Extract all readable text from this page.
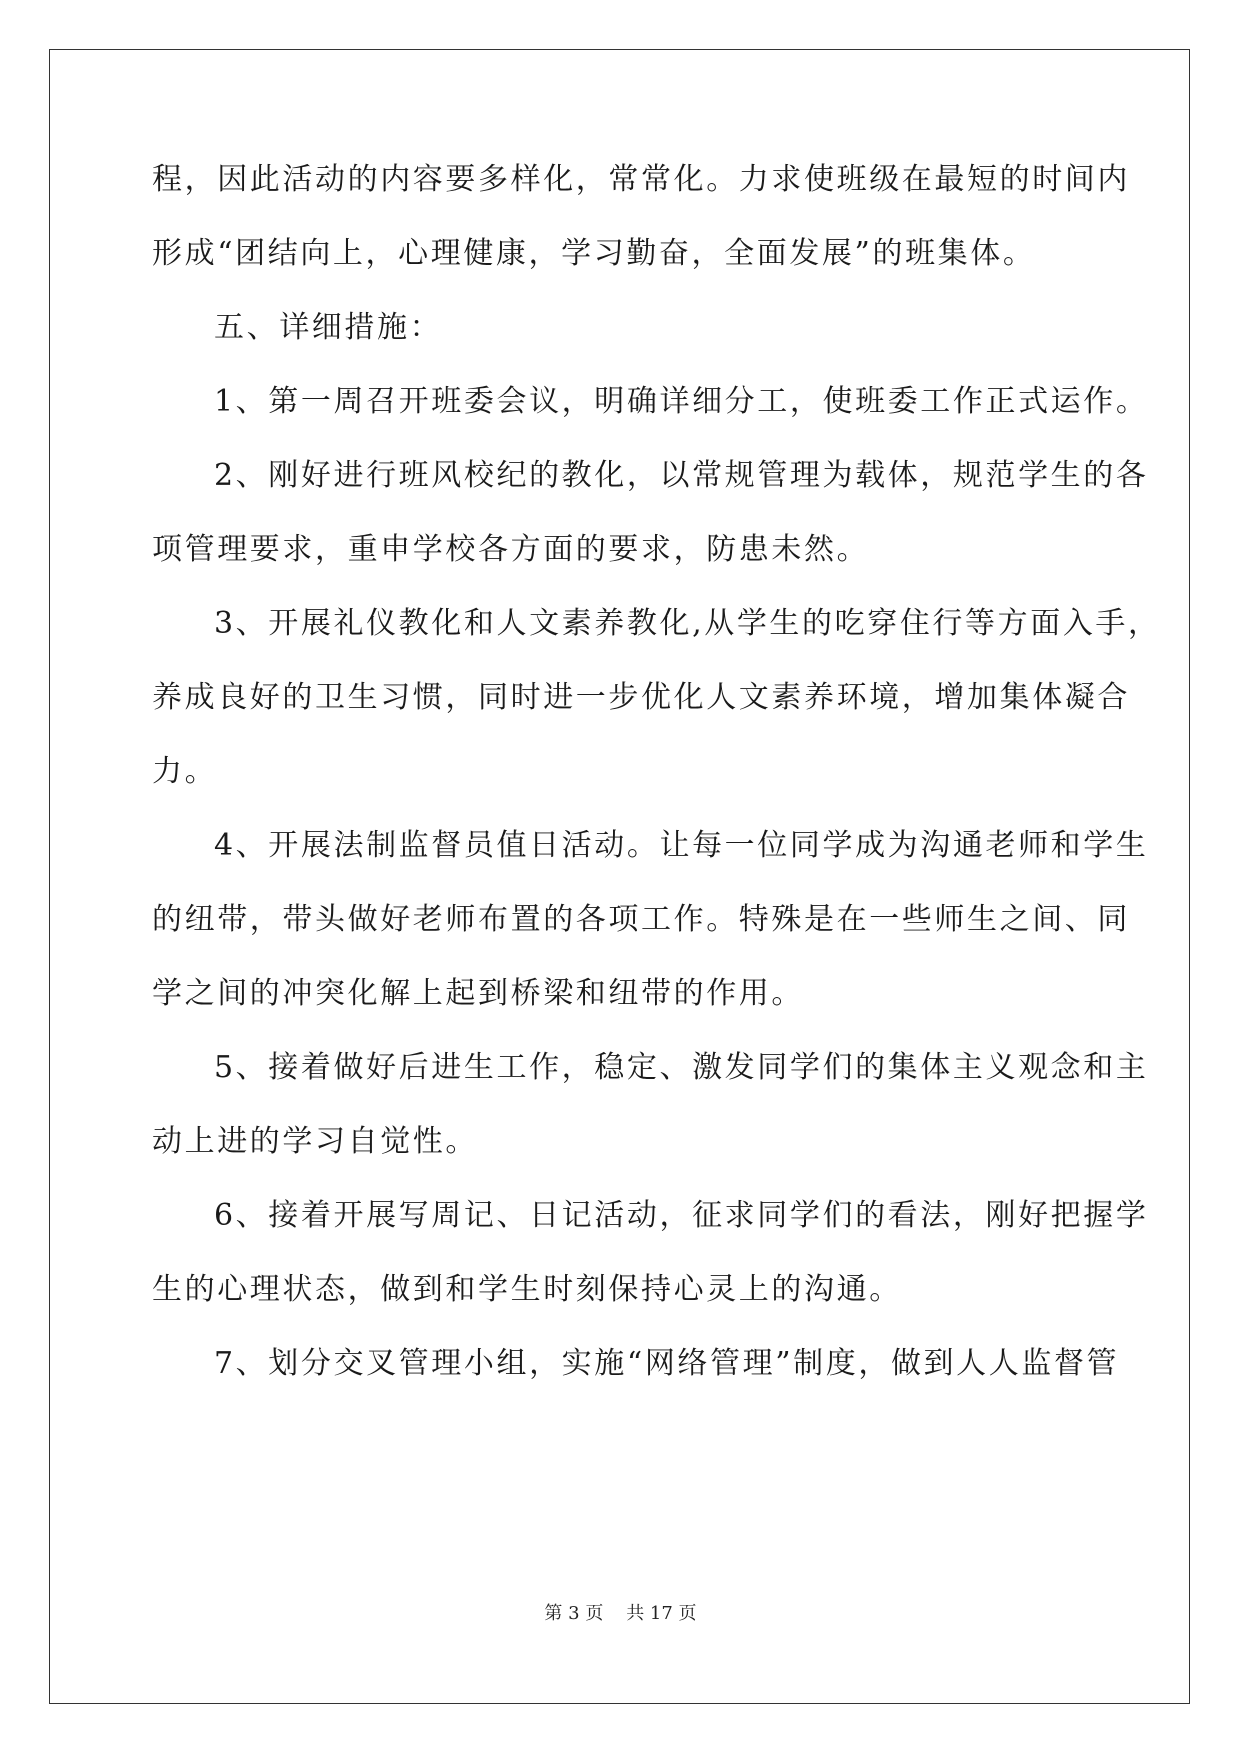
程，因此活动的内容要多样化，常常化。力求使班级在最短的时间内
形成“团结向上，心理健康，学习勤奋，全面发展”的班集体。
五、详细措施：
1、第一周召开班委会议，明确详细分工，使班委工作正式运作。
2、刚好进行班风校纪的教化，以常规管理为载体，规范学生的各
项管理要求，重申学校各方面的要求，防患未然。
3、开展礼仪教化和人文素养教化,从学生的吃穿住行等方面入手，
养成良好的卫生习惯，同时进一步优化人文素养环境，增加集体凝合
力。
4、开展法制监督员值日活动。让每一位同学成为沟通老师和学生
的纽带，带头做好老师布置的各项工作。特殊是在一些师生之间、同
学之间的冲突化解上起到桥梁和纽带的作用。
5、接着做好后进生工作，稳定、激发同学们的集体主义观念和主
动上进的学习自觉性。
6、接着开展写周记、日记活动，征求同学们的看法，刚好把握学
生的心理状态，做到和学生时刻保持心灵上的沟通。
7、划分交叉管理小组，实施“网络管理”制度，做到人人监督管
第 3 页    共 17 页
